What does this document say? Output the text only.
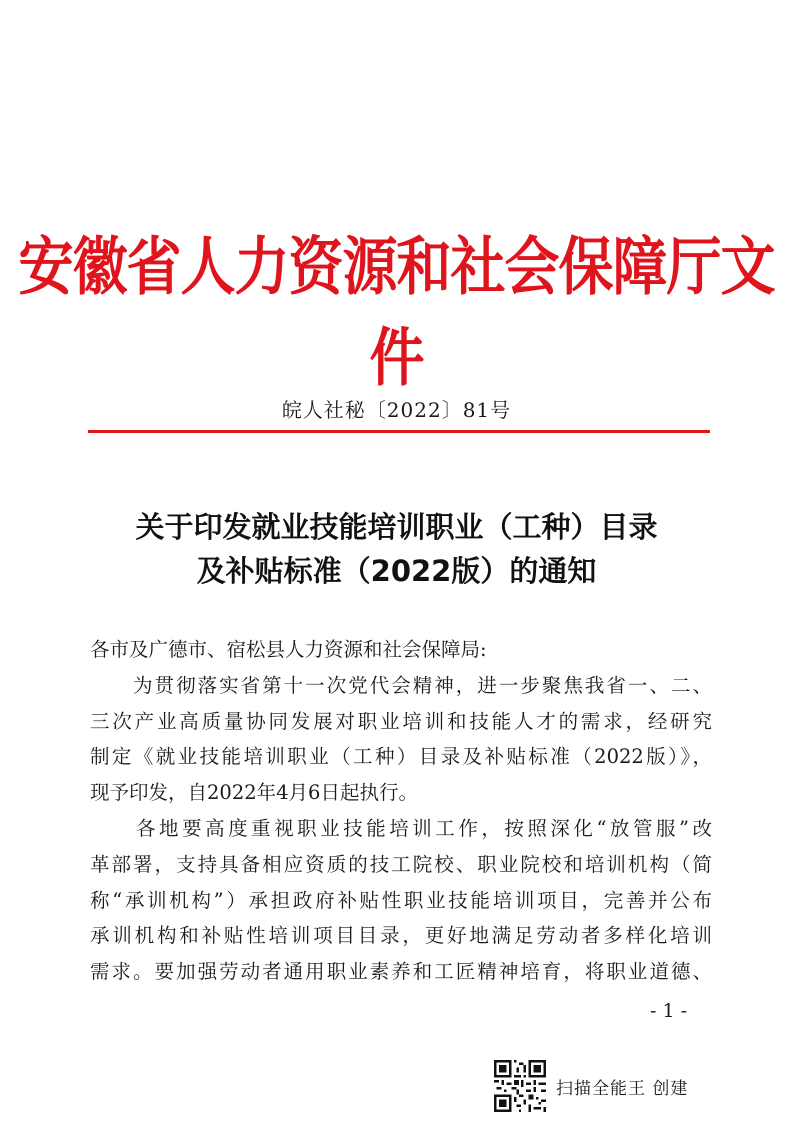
安徽省人力资源和社会保障厅文件
皖人社秘〔2022〕81号
关于印发就业技能培训职业（工种）目录
及补贴标准（2022版）的通知
各市及广德市、宿松县人力资源和社会保障局:
　　为贯彻落实省第十一次党代会精神，进一步聚焦我省一、二、
三次产业高质量协同发展对职业培训和技能人才的需求，经研究
制定《就业技能培训职业（工种）目录及补贴标准（2022版）》，
现予印发，自2022年4月6日起执行。
　　各地要高度重视职业技能培训工作，按照深化“放管服”改
革部署，支持具备相应资质的技工院校、职业院校和培训机构（简
称“承训机构”）承担政府补贴性职业技能培训项目，完善并公布
承训机构和补贴性培训项目目录，更好地满足劳动者多样化培训
需求。要加强劳动者通用职业素养和工匠精神培育，将职业道德、
- 1 -
扫描全能王 创建
